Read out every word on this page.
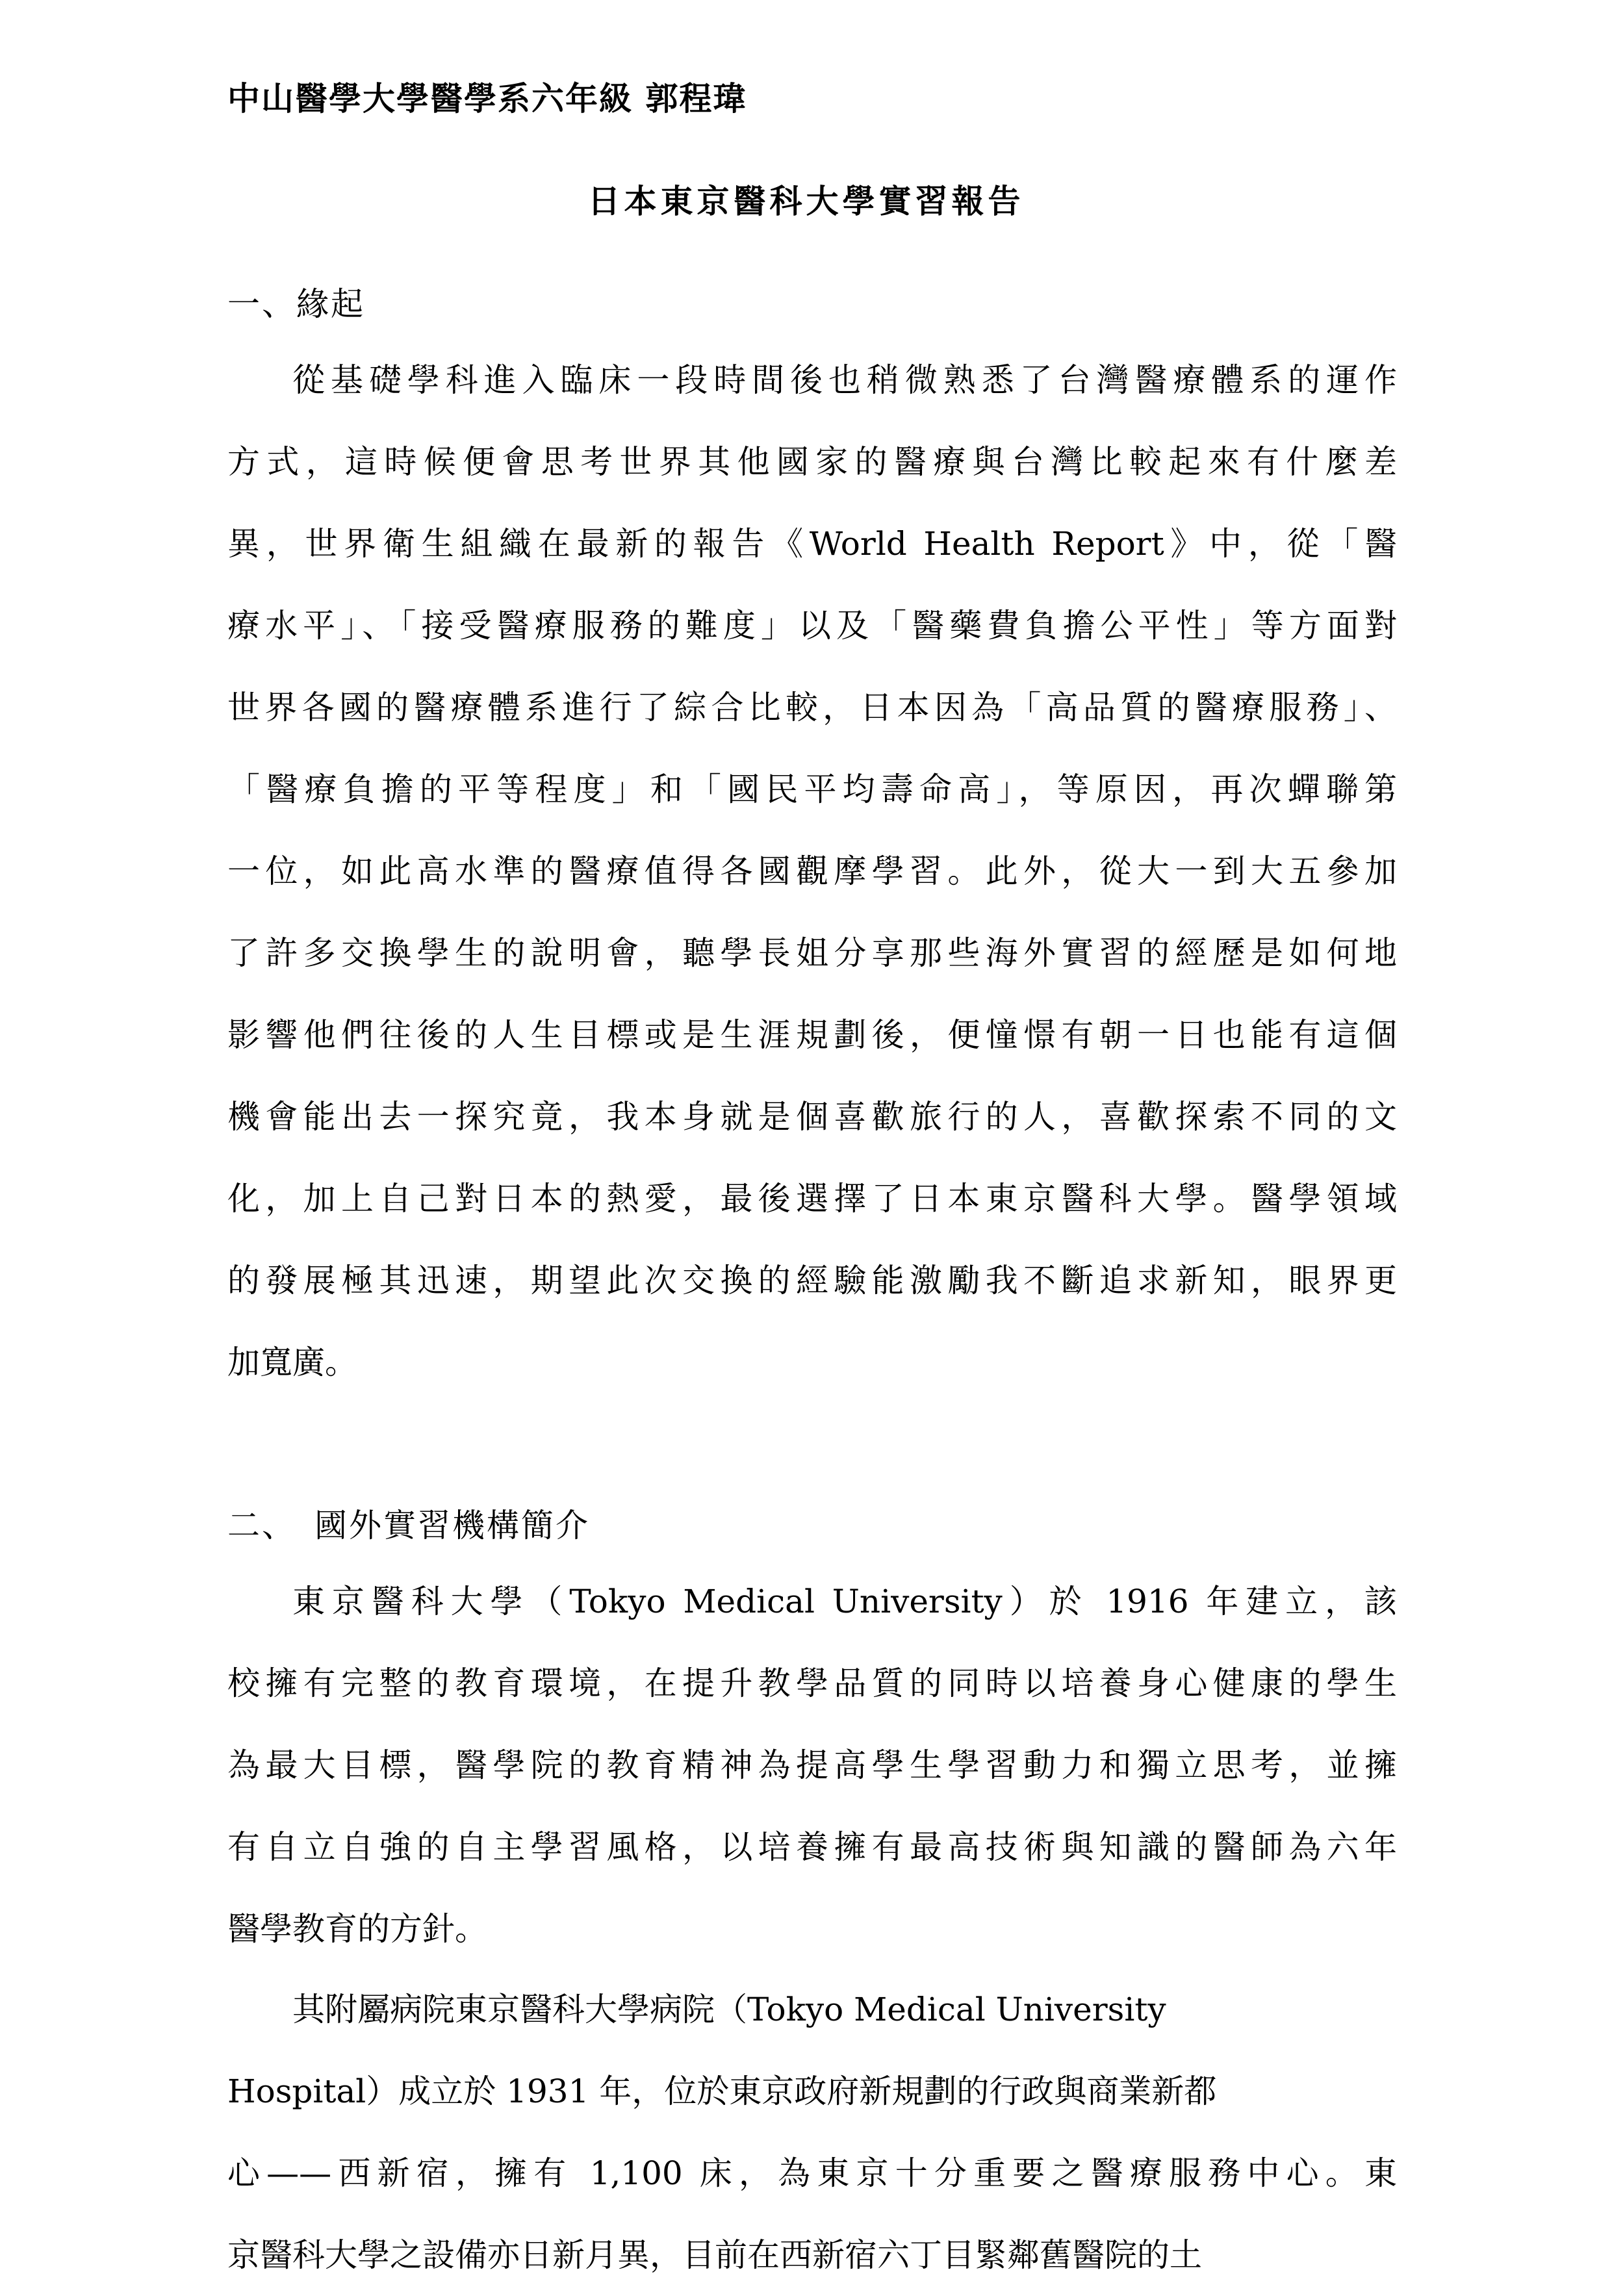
中山醫學大學醫學系六年級 郭程瑋
日本東京醫科大學實習報告
一、緣起
從基礎學科進入臨床一段時間後也稍微熟悉了台灣醫療體系的運作
方式，這時候便會思考世界其他國家的醫療與台灣比較起來有什麼差
異，世界衛生組織在最新的報告《World Health Report》中，從「醫
療水平」、「接受醫療服務的難度」以及「醫藥費負擔公平性」等方面對
世界各國的醫療體系進行了綜合比較，日本因為「高品質的醫療服務」、
「醫療負擔的平等程度」和「國民平均壽命高」，等原因，再次蟬聯第
一位，如此高水準的醫療值得各國觀摩學習。此外，從大一到大五參加
了許多交換學生的說明會，聽學長姐分享那些海外實習的經歷是如何地
影響他們往後的人生目標或是生涯規劃後，便憧憬有朝一日也能有這個
機會能出去一探究竟，我本身就是個喜歡旅行的人，喜歡探索不同的文
化，加上自己對日本的熱愛，最後選擇了日本東京醫科大學。醫學領域
的發展極其迅速，期望此次交換的經驗能激勵我不斷追求新知，眼界更
加寬廣。
二、　國外實習機構簡介
東京醫科大學（Tokyo Medical University）於 1916 年建立，該
校擁有完整的教育環境，在提升教學品質的同時以培養身心健康的學生
為最大目標，醫學院的教育精神為提高學生學習動力和獨立思考，並擁
有自立自強的自主學習風格，以培養擁有最高技術與知識的醫師為六年
醫學教育的方針。
其附屬病院東京醫科大學病院（Tokyo Medical University
Hospital）成立於 1931 年，位於東京政府新規劃的行政與商業新都
心——西新宿，擁有 1,100 床，為東京十分重要之醫療服務中心。東
京醫科大學之設備亦日新月異，目前在西新宿六丁目緊鄰舊醫院的土
